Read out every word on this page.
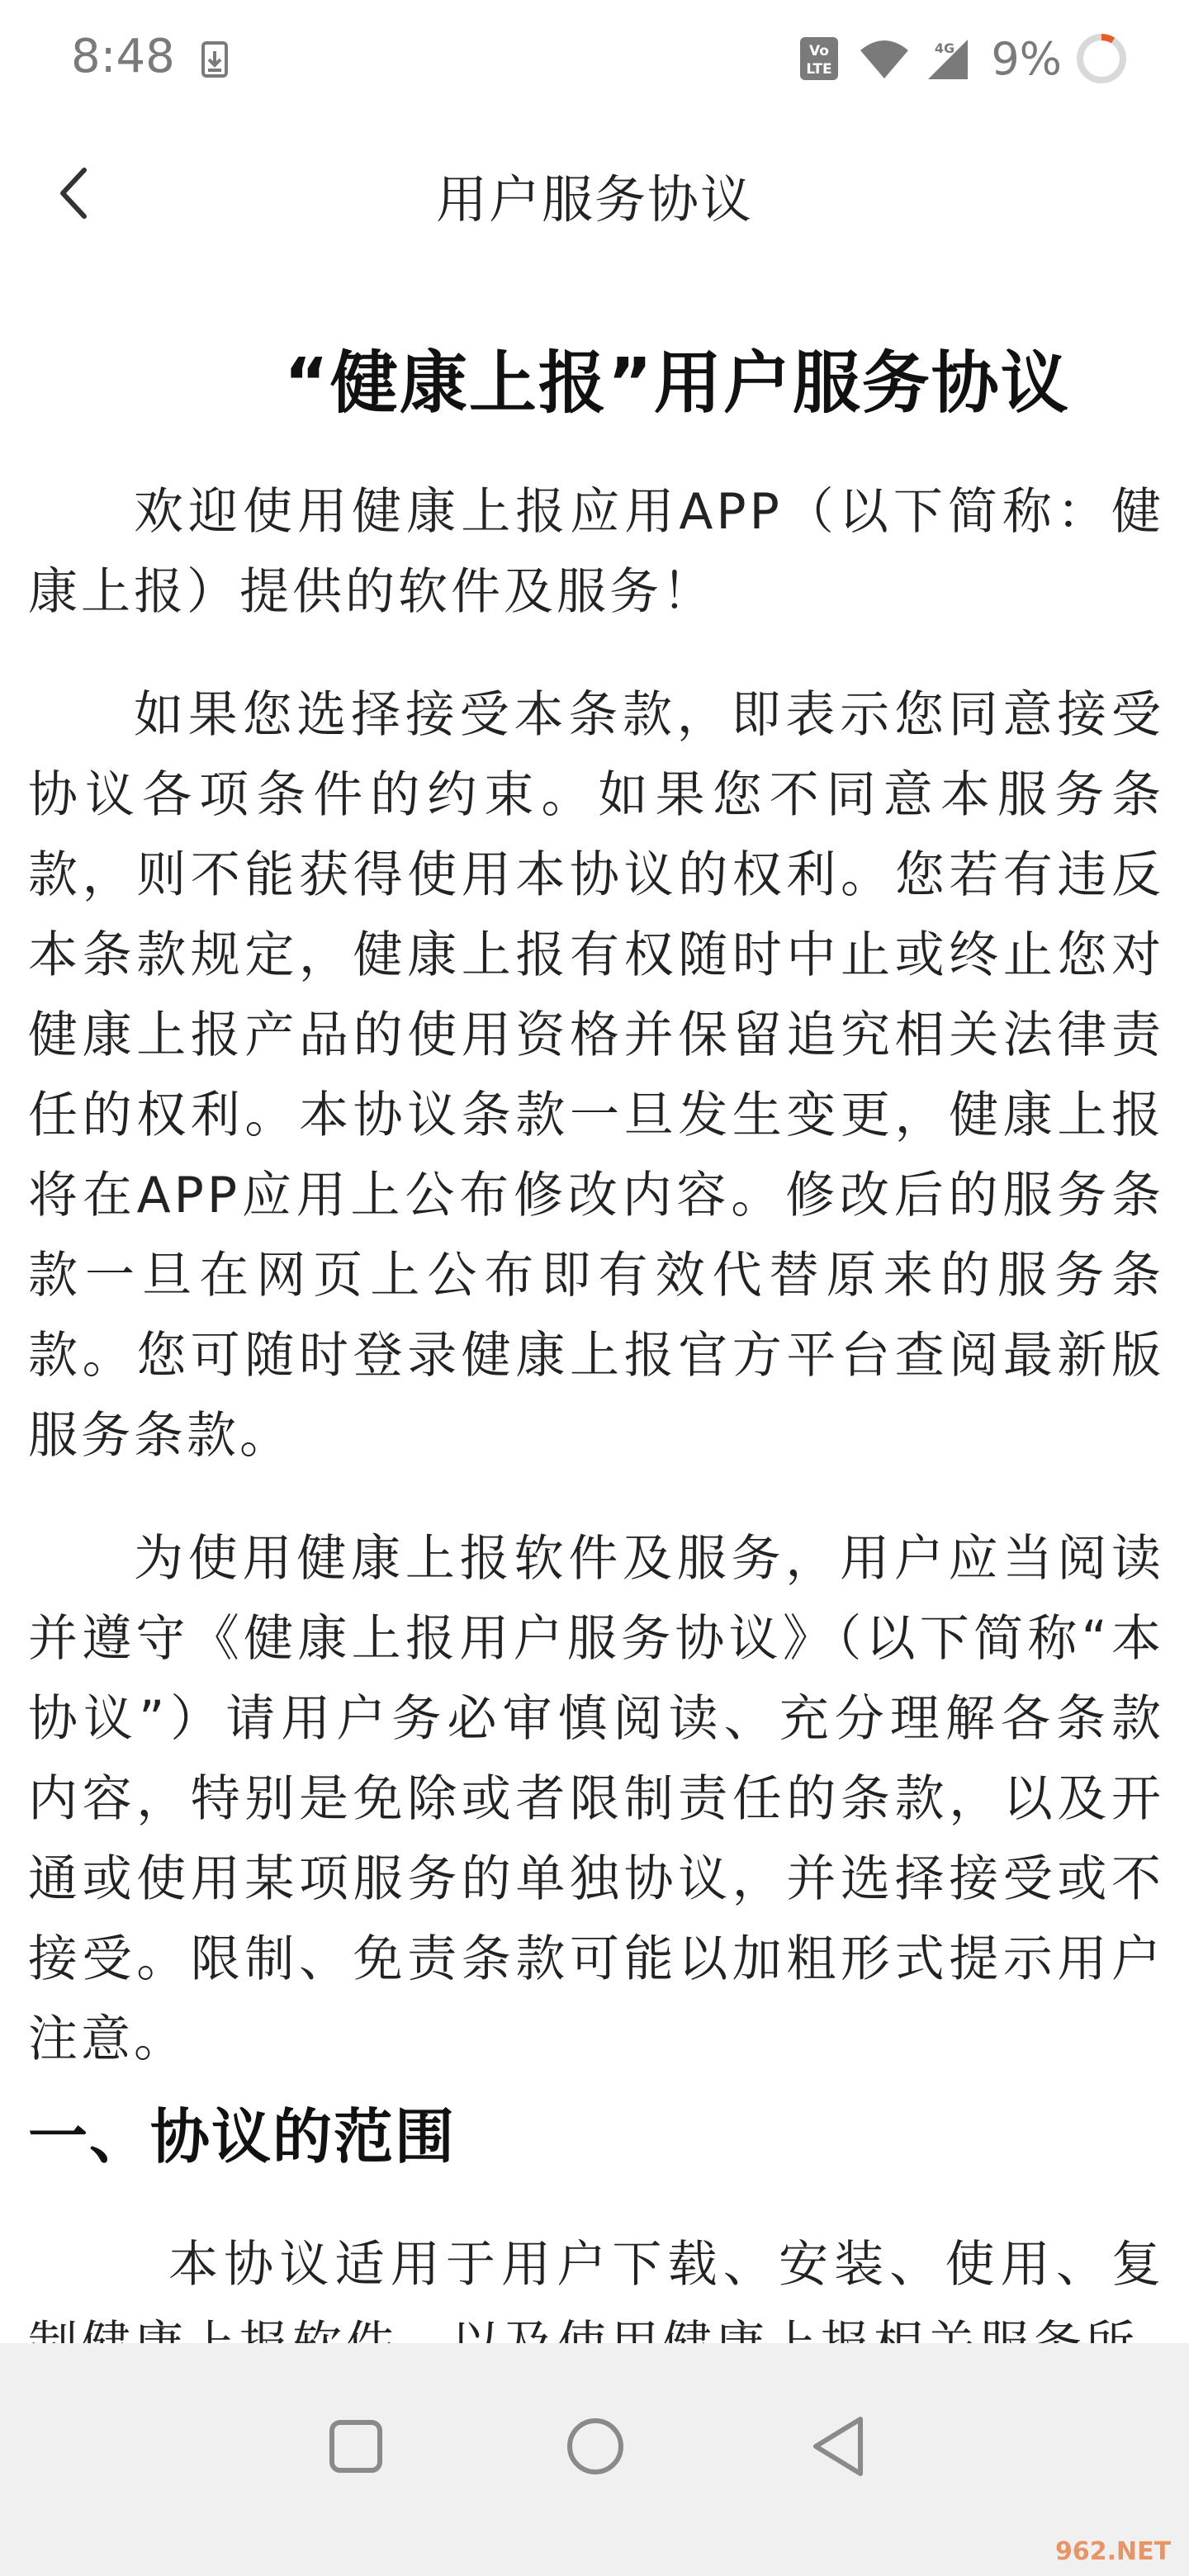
8:48	Vo
LTE
4G 9%
用户服务协议
“健康上报”用户服务协议

欢迎使用健康上报应用APP（以下简称：健康上报）提供的软件及服务！

如果您选择接受本条款，即表示您同意接受协议各项条件的约束。如果您不同意本服务条款，则不能获得使用本协议的权利。您若有违反本条款规定，健康上报有权随时中止或终止您对健康上报产品的使用资格并保留追究相关法律责任的权利。本协议条款一旦发生变更，健康上报将在APP应用上公布修改内容。修改后的服务条款一旦在网页上公布即有效代替原来的服务条款。您可随时登录健康上报官方平台查阅最新版服务条款。

为使用健康上报软件及服务，用户应当阅读并遵守《健康上报用户服务协议》（以下简称“本协议”）请用户务必审慎阅读、充分理解各条款内容，特别是免除或者限制责任的条款，以及开通或使用某项服务的单独协议，并选择接受或不接受。限制、免责条款可能以加粗形式提示用户注意。

一、协议的范围

本协议适用于用户下载、安装、使用、复

962.NET
